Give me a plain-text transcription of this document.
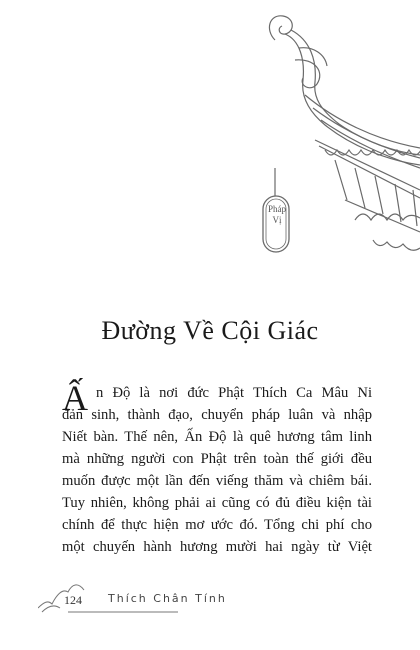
Pháp Vị
Đường Về Cội Giác
Ấ n Độ là nơi đức Phật Thích Ca Mâu Ni
đản sinh, thành đạo, chuyển pháp luân và nhập
Niết bàn. Thế nên, Ấn Độ là quê hương tâm linh
mà những người con Phật trên toàn thế giới đều
muốn được một lần đến viếng thăm và chiêm bái.
Tuy nhiên, không phải ai cũng có đủ điều kiện tài
chính để thực hiện mơ ước đó. Tổng chi phí cho
một chuyến hành hương mười hai ngày từ Việt
124 Thích Chân Tính
